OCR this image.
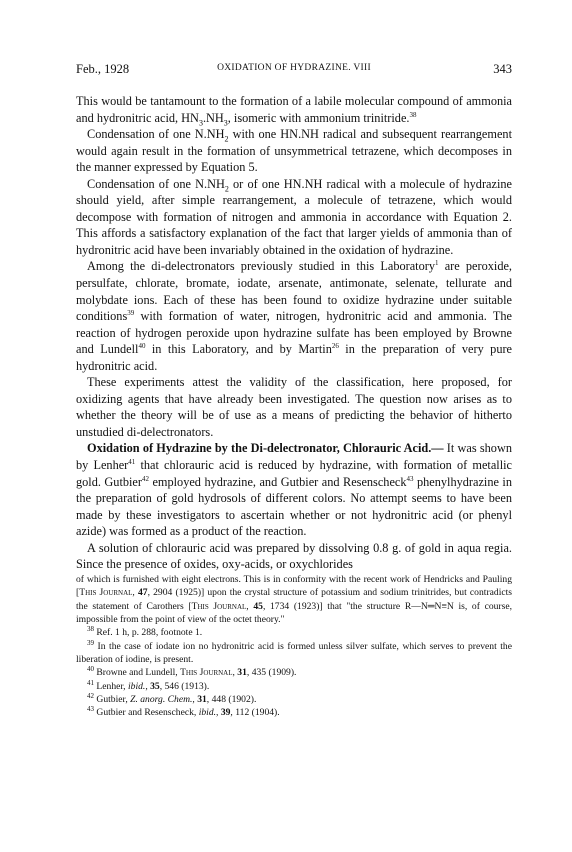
Feb., 1928	OXIDATION OF HYDRAZINE. VIII	343

This would be tantamount to the formation of a labile molecular compound of ammonia and hydronitric acid, $HN_3.NH_3$, isomeric with ammonium trinitride.$^{38}$

Condensation of one $N.NH_2$ with one HN.NH radical and subsequent rearrangement would again result in the formation of unsymmetrical tetrazene, which decomposes in the manner expressed by Equation 5.

Condensation of one $N.NH_2$ or of one HN.NH radical with a molecule of hydrazine should yield, after simple rearrangement, a molecule of tetrazene, which would decompose with formation of nitrogen and ammonia in accordance with Equation 2. This affords a satisfactory explanation of the fact that larger yields of ammonia than of hydronitric acid have been invariably obtained in the oxidation of hydrazine.

Among the di-delectronators previously studied in this Laboratory$^1$ are peroxide, persulfate, chlorate, bromate, iodate, arsenate, antimonate, selenate, tellurate and molybdate ions. Each of these has been found to oxidize hydrazine under suitable conditions$^{39}$ with formation of water, nitrogen, hydronitric acid and ammonia. The reaction of hydrogen peroxide upon hydrazine sulfate has been employed by Browne and Lundell$^{40}$ in this Laboratory, and by Martin$^{26}$ in the preparation of very pure hydronitric acid.

These experiments attest the validity of the classification, here proposed, for oxidizing agents that have already been investigated. The question now arises as to whether the theory will be of use as a means of predicting the behavior of hitherto unstudied di-delectronators.

Oxidation of Hydrazine by the Di-delectronator, Chlorauric Acid.— It was shown by Lenher$^{41}$ that chlorauric acid is reduced by hydrazine, with formation of metallic gold. Gutbier$^{42}$ employed hydrazine, and Gutbier and Resenscheck$^{43}$ phenylhydrazine in the preparation of gold hydrosols of different colors. No attempt seems to have been made by these investigators to ascertain whether or not hydronitric acid (or phenyl azide) was formed as a product of the reaction.

A solution of chlorauric acid was prepared by dissolving 0.8 g. of gold in aqua regia. Since the presence of oxides, oxy-acids, or oxychlorides

of which is furnished with eight electrons. This is in conformity with the recent work of Hendricks and Pauling [This Journal, 47, 2904 (1925)] upon the crystal structure of potassium and sodium trinitrides, but contradicts the statement of Carothers [This Journal, 45, 1734 (1923)] that "the structure R—N═N≡N is, of course, impossible from the point of view of the octet theory."

$^{38}$ Ref. 1 h, p. 288, footnote 1.

$^{39}$ In the case of iodate ion no hydronitric acid is formed unless silver sulfate, which serves to prevent the liberation of iodine, is present.

$^{40}$ Browne and Lundell, This Journal, 31, 435 (1909).

$^{41}$ Lenher, ibid., 35, 546 (1913).

$^{42}$ Gutbier, Z. anorg. Chem., 31, 448 (1902).

$^{43}$ Gutbier and Resenscheck, ibid., 39, 112 (1904).
